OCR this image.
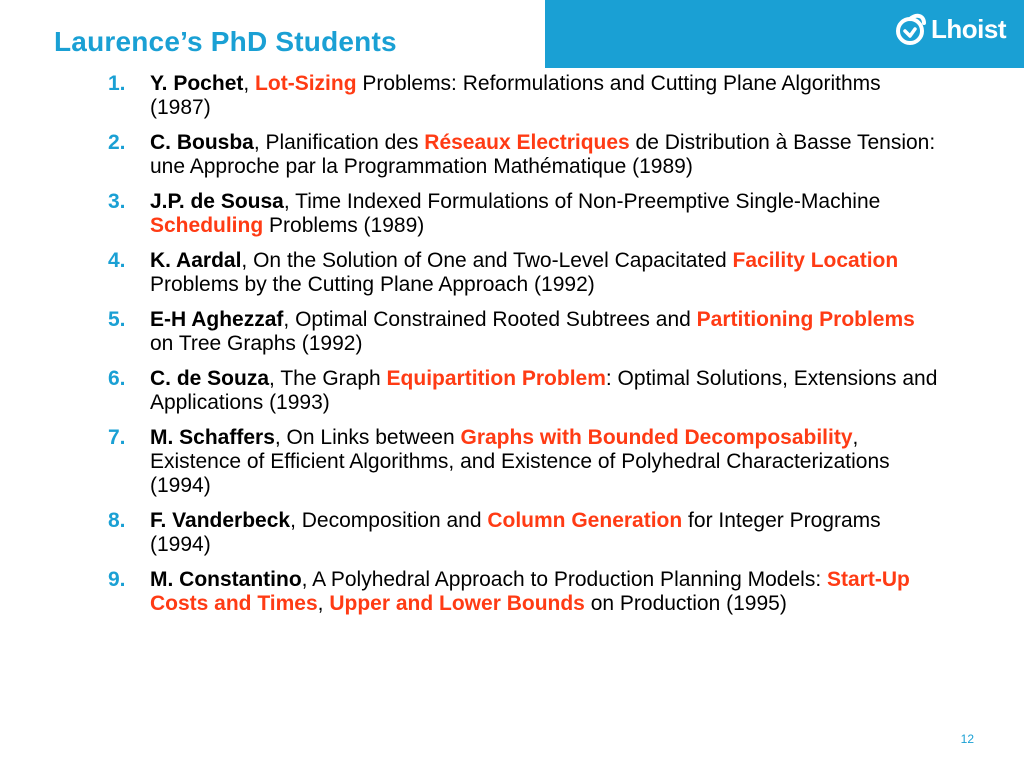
Lhoist
Laurence’s PhD Students
1.	Y. Pochet, Lot-Sizing Problems: Reformulations and Cutting Plane Algorithms (1987)
2.	C. Bousba, Planification des Réseaux Electriques de Distribution à Basse Tension: une Approche par la Programmation Mathématique (1989)
3.	J.P. de Sousa, Time Indexed Formulations of Non-Preemptive Single-Machine Scheduling Problems (1989)
4.	K. Aardal, On the Solution of One and Two-Level Capacitated Facility Location Problems by the Cutting Plane Approach (1992)
5.	E-H Aghezzaf, Optimal Constrained Rooted Subtrees and Partitioning Problems on Tree Graphs (1992)
6.	C. de Souza, The Graph Equipartition Problem: Optimal Solutions, Extensions and Applications (1993)
7.	M. Schaffers, On Links between Graphs with Bounded Decomposability, Existence of Efficient Algorithms, and Existence of Polyhedral Characterizations (1994)
8.	F. Vanderbeck, Decomposition and Column Generation for Integer Programs (1994)
9.	M. Constantino, A Polyhedral Approach to Production Planning Models: Start-Up Costs and Times, Upper and Lower Bounds on Production (1995)
12
